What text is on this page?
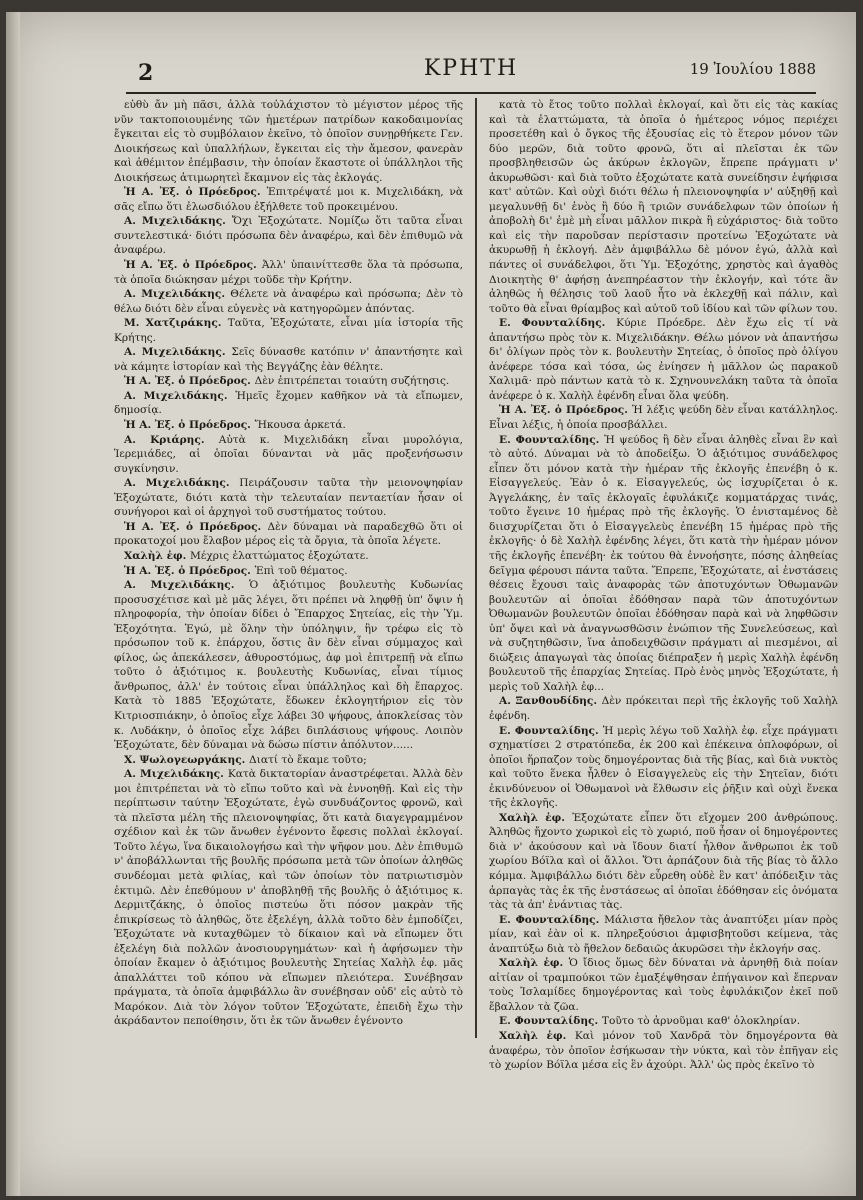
2	ΚΡΗΤΗ	19 Ἰουλίου 1888
εὐθὺ ἄν μὴ πᾶσι, ἀλλὰ τοὐλάχιστον τὸ μέγιστον μέρος τῆς νῦν τακτοποιουμένης τῶν ἡμετέρων πατρίδων κακοδαιμονίας ἔγκειται εἰς τὸ συμβόλαιον ἐκεῖνο, τὸ ὁποῖον συνῃρθήκετε Γεν. Διοικήσεως καὶ ὑπαλλήλων, ἔγκειται εἰς τὴν ἄμεσον, φανερὰν καὶ ἀθέμιτον ἐπέμβασιν, τὴν ὁποίαν ἕκαστοτε οἱ ὑπάλληλοι τῆς Διοικήσεως ἀτιμωρητεὶ ἔκαμνον εἰς τὰς ἐκλογάς.
Ἡ Α. Ἐξ. ὁ Πρόεδρος. Ἐπιτρέψατέ μοι κ. Μιχελιδάκη, νὰ σᾶς εἴπω ὅτι ἐλωσδιόλου ἐξήλθετε τοῦ προκειμένου.
Α. Μιχελιδάκης. Ὄχι Ἐξοχώτατε. Νομίζω ὅτι ταῦτα εἶναι συντελεστικά· διότι πρόσωπα δὲν ἀναφέρω, καὶ δὲν ἐπιθυμῶ νὰ ἀναφέρω.
Ἡ Α. Ἐξ. ὁ Πρόεδρος. Ἀλλ' ὑπαινίττεσθε ὅλα τὰ πρόσωπα, τὰ ὁποῖα διώκησαν μέχρι τοῦδε τὴν Κρήτην.
Α. Μιχελιδάκης. Θέλετε νὰ ἀναφέρω καὶ πρόσωπα; Δὲν τὸ θέλω διότι δὲν εἶναι εὐγενὲς νὰ κατηγορῶμεν ἀπόντας.
Μ. Χατζιράκης. Ταῦτα, Ἐξοχώτατε, εἶναι μία ἱστορία τῆς Κρήτης.
Α. Μιχελιδάκης. Σεῖς δύνασθε κατόπιν ν' ἀπαντήσητε καὶ νὰ κάμητε ἱστορίαν καὶ τὴς Βεγγάζης ἐὰν θέλητε.
Ἡ Α. Ἐξ. ὁ Πρόεδρος. Δὲν ἐπιτρέπεται τοιαύτη συζήτησις.
Α. Μιχελιδάκης. Ἡμεῖς ἔχομεν καθῆκον νὰ τὰ εἴπωμεν, δημοσίᾳ.
Ἡ Α. Ἐξ. ὁ Πρόεδρος. Ἤκουσα ἀρκετά.
Α. Κριάρης. Αὐτὰ κ. Μιχελιδάκη εἶναι μυρολόγια, Ἱερεμιάδες, αἱ ὁποῖαι δύνανται νὰ μᾶς προξενήσωσιν συγκίνησιν.
Α. Μιχελιδάκης. Πειράζουσιν ταῦτα τὴν μειονοψηφίαν Ἐξοχώτατε, διότι κατὰ τὴν τελευταίαν πενταετίαν ἦσαν οἱ συνήγοροι καὶ οἱ ἀρχηγοὶ τοῦ συστήματος τούτου.
Ἡ Α. Ἐξ. ὁ Πρόεδρος. Δὲν δύναμαι νὰ παραδεχθῶ ὅτι οἱ προκατοχοί μου ἔλαβον μέρος εἰς τὰ ὄργια, τὰ ὁποῖα λέγετε.
Χαλὴλ ἐφ. Μέχρις ἐλαττώματος ἐξοχώτατε.
Ἡ Α. Ἐξ. ὁ Πρόεδρος. Ἐπὶ τοῦ θέματος.
Α. Μιχελιδάκης. Ὁ ἀξιότιμος βουλευτὴς Κυδωνίας προσυσχέτισε καὶ μὲ μᾶς λέγει, ὅτι πρέπει νὰ ληφθῇ ὑπ' ὄψιν ἡ πληροφορία, τὴν ὁποίαν δίδει ὁ Ἔπαρχος Σητείας, εἰς τὴν Ὑμ. Ἐξοχότητα. Ἐγώ, μὲ ὅλην τὴν ὑπόληψιν, ἣν τρέφω εἰς τὸ πρόσωπον τοῦ κ. ἐπάρχου, ὅστις ἂν δὲν εἶναι σύμμαχος καὶ φίλος, ὡς ἀπεκάλεσεν, ἀθυροστόμως, ἀφ μοὶ ἐπιτρεπῇ νὰ εἴπω τοῦτο ὁ ἀξιότιμος κ. βουλευτὴς Κυδωνίας, εἶναι τίμιος ἄνθρωπος, ἀλλ' ἐν τούτοις εἶναι ὑπάλληλος καὶ δὴ ἔπαρχος. Κατὰ τὸ 1885 Ἐξοχώτατε, ἔδωκεν ἐκλογητήριον εἰς τὸν Κιτριοσπιάκην, ὁ ὁποῖος εἶχε λάβει 30 ψήφους, ἀποκλείσας τὸν κ. Λυδάκην, ὁ ὁποῖος εἶχε λάβει διπλάσιους ψήφους. Λοιπὸν Ἐξοχώτατε, δὲν δύναμαι νὰ δώσω πίστιν ἀπόλυτον......
Χ. Ψωλογεωργάκης. Διατί τὸ ἔκαμε τοῦτο;
Α. Μιχελιδάκης. Κατὰ δικτατορίαν ἀναστρέφεται. Ἀλλὰ δὲν μοι ἐπιτρέπεται νὰ τὸ εἴπω τοῦτο καὶ νὰ ἐννοηθῇ. Καὶ εἰς τὴν περίπτωσιν ταύτην Ἐξοχώτατε, ἐγὼ συνδυάζοντος φρονῶ, καὶ τὰ πλεῖστα μέλη τῆς πλειονοψηφίας, ὅτι κατὰ διαγεγραμμένον σχέδιον καὶ ἐκ τῶν ἄνωθεν ἐγένοντο ἔφεσις πολλαὶ ἐκλογαί. Τοῦτο λέγω, ἵνα δικαιολογήσω καὶ τὴν ψῆφον μου. Δὲν ἐπιθυμῶ ν' ἀποβάλλωνται τῆς βουλῆς πρόσωπα μετὰ τῶν ὁποίων ἀληθῶς συνδέομαι μετὰ φιλίας, καὶ τῶν ὁποίων τὸν πατριωτισμὸν ἐκτιμῶ. Δὲν ἐπεθύμουν ν' ἀποβληθῇ τῆς βουλῆς ὁ ἀξιότιμος κ. Δερμιτζάκης, ὁ ὁποῖος πιστεύω ὅτι πόσον μακρὰν τῆς ἐπικρίσεως τὸ ἀληθῶς, ὅτε ἐξελέγη, ἀλλὰ τοῦτο δὲν ἐμποδίζει, Ἐξοχώτατε νὰ κυταχθῶμεν τὸ δίκαιον καὶ νὰ εἴπωμεν ὅτι ἐξελέγη διὰ πολλῶν ἀνοσιουργημάτων· καὶ ἡ ἀφήσωμεν τὴν ὁποίαν ἔκαμεν ὁ ἀξιότιμος βουλευτὴς Σητείας Χαλὴλ ἐφ. μᾶς ἀπαλλάττει τοῦ κόπου νὰ εἴπωμεν πλειότερα. Συνέβησαν πράγματα, τὰ ὁποῖα ἀμφιβάλλω ἂν συνέβησαν οὐδ' εἰς αὐτὸ τὸ Μαρόκον. Διὰ τὸν λόγον τοῦτον Ἐξοχώτατε, ἐπειδὴ ἔχω τὴν ἀκράδαντον πεποίθησιν, ὅτι ἐκ τῶν ἄνωθεν ἐγένοντο
κατὰ τὸ ἔτος τοῦτο πολλαὶ ἐκλογαί, καὶ ὅτι εἰς τὰς κακίας καὶ τὰ ἐλαττώματα, τὰ ὁποῖα ὁ ἡμέτερος νόμος περιέχει προσετέθη καὶ ὁ ὄγκος τῆς ἐξουσίας εἰς τὸ ἕτερον μόνον τῶν δύο μερῶν, διὰ τοῦτο φρονῶ, ὅτι αἱ πλεῖσται ἐκ τῶν προσβληθεισῶν ὡς ἀκύρων ἐκλογῶν, ἔπρεπε πράγματι ν' ἀκυρωθῶσι· καὶ διὰ τοῦτο ἐξοχώτατε κατὰ συνείδησιν ἐψήφισα κατ' αὐτῶν. Καὶ οὐχὶ διότι θέλω ἡ πλειονοψηφία ν' αὐξηθῇ καὶ μεγαλυνθῇ δι' ἑνὸς ἢ δύο ἢ τριῶν συνάδελφων τῶν ὁποίων ἡ ἀποβολὴ δι' ἐμὲ μὴ εἶναι μᾶλλον πικρὰ ἢ εὐχάριστος· διὰ τοῦτο καὶ εἰς τὴν παροῦσαν περίστασιν προτείνω Ἐξοχώτατε νὰ ἀκυρωθῇ ἡ ἐκλογή. Δὲν ἀμφιβάλλω δὲ μόνον ἐγώ, ἀλλὰ καὶ πάντες οἱ συνάδελφοι, ὅτι Ὑμ. Ἐξοχότης, χρηστὸς καὶ ἀγαθὸς Διοικητὴς θ' ἀφήσῃ ἀνεπηρέαστον τὴν ἐκλογήν, καὶ τότε ἂν ἀληθῶς ἡ θέλησις τοῦ λαοῦ ἦτο νὰ ἐκλεχθῇ καὶ πάλιν, καὶ τοῦτο θὰ εἶναι θρίαμβος καὶ αὐτοῦ τοῦ ἰδίου καὶ τῶν φίλων του.
Ε. Φουνταλίδης. Κύριε Πρόεδρε. Δὲν ἔχω εἰς τί νὰ ἀπαντήσω πρὸς τὸν κ. Μιχελιδάκην. Θέλω μόνον νὰ ἀπαντήσω δι' ὀλίγων πρὸς τὸν κ. βουλευτὴν Σητείας, ὁ ὁποῖος πρὸ ὀλίγου ἀνέφερε τόσα καὶ τόσα, ὡς ἐνίησεν ἡ μᾶλλον ὡς παρακοῦ Χαλιμᾶ· πρὸ πάντων κατὰ τὸ κ. Σχηνουνελάκη ταῦτα τὰ ὁποῖα ἀνέφερε ὁ κ. Χαλὴλ ἐφένδη εἶναι ὅλα ψεύδη.
Ἡ Α. Ἐξ. ὁ Πρόεδρος. Ἡ λέξις ψεύδη δὲν εἶναι κατάλληλος. Εἶναι λέξις, ἡ ὁποία προσβάλλει.
Ε. Φουνταλίδης. Ἡ ψεύδος ἢ δὲν εἶναι ἀληθὲς εἶναι ἓν καὶ τὸ αὐτό. Δύναμαι νὰ τὸ ἀποδείξω. Ὁ ἀξιότιμος συνάδελφος εἶπεν ὅτι μόνον κατὰ τὴν ἡμέραν τῆς ἐκλογῆς ἐπενέβη ὁ κ. Εἰσαγγελεύς. Ἐὰν ὁ κ. Εἰσαγγελεύς, ὡς ἰσχυρίζεται ὁ κ. Ἀγγελάκης, ἐν ταῖς ἐκλογαῖς ἐφυλάκιζε κομματάρχας τινάς, τοῦτο ἔγεινε 10 ἡμέρας πρὸ τῆς ἐκλογῆς. Ὁ ἐνισταμένος δὲ διισχυρίζεται ὅτι ὁ Εἰσαγγελεὺς ἐπενέβη 15 ἡμέρας πρὸ τῆς ἐκλογῆς· ὁ δὲ Χαλὴλ ἐφένδης λέγει, ὅτι κατὰ τὴν ἡμέραν μόνον τῆς ἐκλογῆς ἐπενέβη· ἐκ τούτου θὰ ἐννοήσητε, πόσης ἀληθείας δεῖγμα φέρουσι πάντα ταῦτα. Ἔπρεπε, Ἐξοχώτατε, αἱ ἐνστάσεις θέσεις ἔχουσι ταὶς ἀναφορὰς τῶν ἀποτυχόντων Ὀθωμανῶν βουλευτῶν αἱ ὁποῖαι ἐδόθησαν παρὰ τῶν ἀποτυχόντων Ὀθωμανῶν βουλευτῶν ὁποῖαι ἐδόθησαν παρὰ καὶ νὰ ληφθῶσιν ὑπ' ὄψει καὶ νὰ ἀναγνωσθῶσιν ἐνώπιον τῆς Συνελεύσεως, καὶ νὰ συζητηθῶσιν, ἵνα ἀποδειχθῶσιν πράγματι αἱ πιεσμένοι, αἱ διώξεις ἀπαγωγαὶ τὰς ὁποίας διέπραξεν ἡ μερὶς Χαλὴλ ἐφένδη βουλευτοῦ τῆς ἐπαρχίας Σητείας. Πρὸ ἐνὸς μηνὸς Ἐξοχώτατε, ἡ μερὶς τοῦ Χαλὴλ ἐφ...
Α. Ξανθουδίδης. Δὲν πρόκειται περὶ τῆς ἐκλογῆς τοῦ Χαλὴλ ἐφένδη.
Ε. Φουνταλίδης. Ἡ μερὶς λέγω τοῦ Χαλὴλ ἐφ. εἶχε πράγματι σχηματίσει 2 στρατόπεδα, ἐκ 200 καὶ ἐπέκεινα ὁπλοφόρων, οἱ ὁποῖοι ἥρπαζον τοὺς δημογέροντας διὰ τῆς βίας, καὶ διὰ νυκτὸς καὶ τοῦτο ἕνεκα ἦλθεν ὁ Εἰσαγγελεὺς εἰς τὴν Σητεῖαν, διότι ἐκινδύνευον οἱ Ὀθωμανοὶ νὰ ἔλθωσιν εἰς ῥῆξιν καὶ οὐχὶ ἕνεκα τῆς ἐκλογῆς.
Χαλὴλ ἐφ. Ἐξοχώτατε εἶπεν ὅτι εἴχομεν 200 ἀνθρώπους. Ἀληθῶς ἤχοντο χωρικοὶ εἰς τὸ χωριό, ποῦ ἦσαν οἱ δημογέροντες διὰ ν' ἀκούσουν καὶ νὰ ἴδουν διατί ἦλθον ἄνθρωποι ἐκ τοῦ χωρίου Βόϊλα καὶ οἱ ἄλλοι. Ὅτι ἀρπάζουν διὰ τῆς βίας τὸ ἄλλο κόμμα. Ἀμφιβάλλω διότι δὲν εὗρεθη οὐδὲ ἓν κατ' ἀπόδειξιν τὰς ἀρπαγὰς τὰς ἐκ τῆς ἐνστάσεως αἱ ὁποῖαι ἐδόθησαν εἰς ὀνόματα τὰς τὰ ἀπ' ἐνάντιας τὰς.
Ε. Φουνταλίδης. Μάλιστα ἤθελον τὰς ἀναπτύξει μίαν πρὸς μίαν, καὶ ἐὰν οἱ κ. πληρεξούσιοι ἀμφισβητοῦσι κείμενα, τὰς ἀναπτύξω διὰ τὸ ἤθελον δεδαιῶς ἀκυρῶσει τὴν ἐκλογήν σας.
Χαλὴλ ἐφ. Ὁ ἴδιος ὅμως δὲν δύναται νὰ ἀρνηθῇ διὰ ποίαν αἰτίαν οἱ τραμπούκοι τῶν ἐμαξέψθησαν ἐπήγαινον καὶ ἔπερναν τοὺς Ἰσλαμίδες δημογέροντας καὶ τοὺς ἐφυλάκιζον ἐκεῖ ποῦ ἔβαλλον τὰ ζῶα.
Ε. Φουνταλίδης. Τοῦτο τὸ ἀρνοῦμαι καθ' ὁλοκληρίαν.
Χαλὴλ ἐφ. Καὶ μόνον τοῦ Χανδρᾶ τὸν δημογέροντα θὰ ἀναφέρω, τὸν ὁποῖον ἐσήκωσαν τὴν νύκτα, καὶ τὸν ἐπῆγαν εἰς τὸ χωρίον Βόϊλα μέσα εἰς ἓν ἀχούρι. Ἀλλ' ὡς πρὸς ἐκεῖνο τὸ
